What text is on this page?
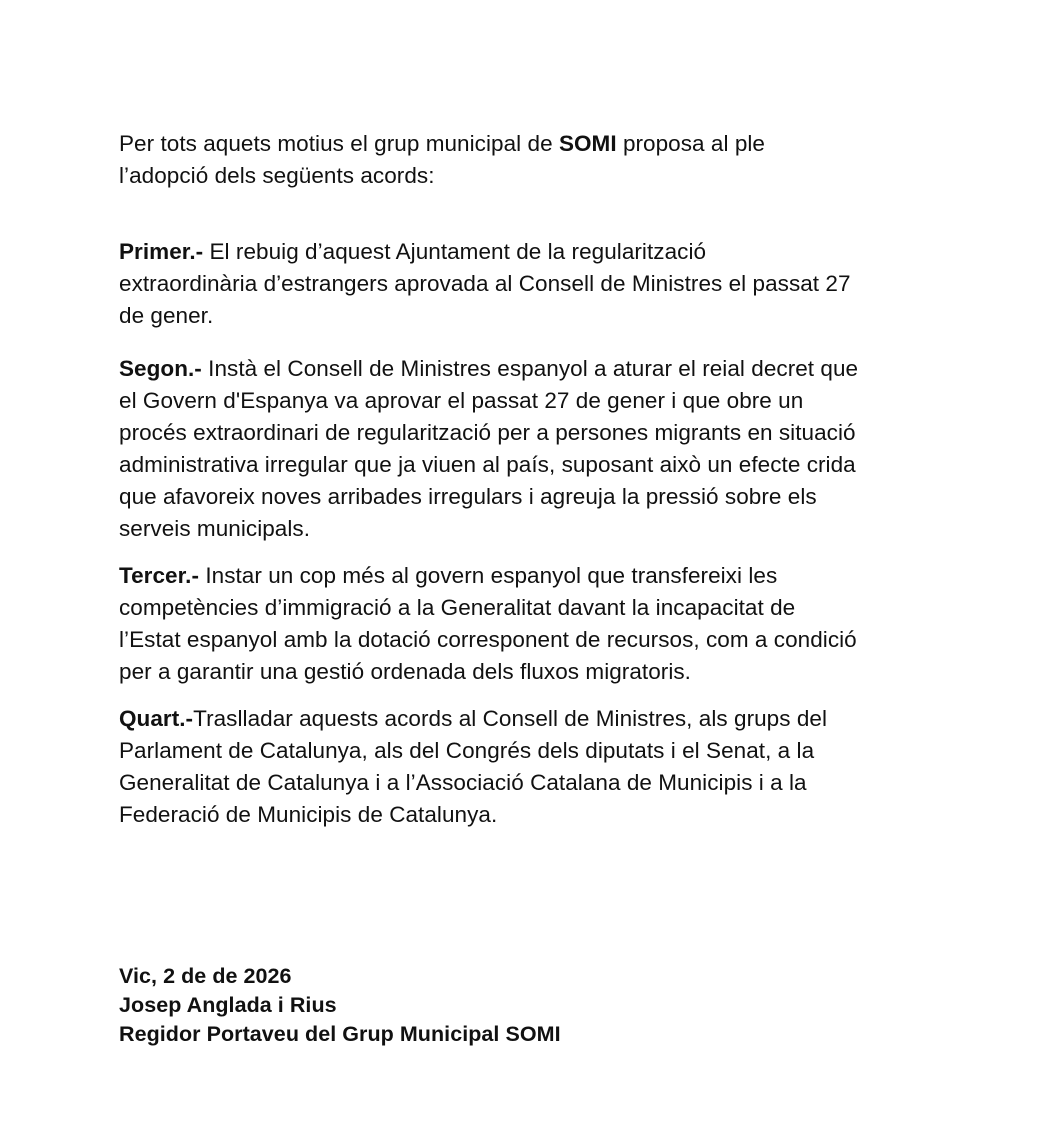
Per tots aquets motius el grup municipal de SOMI proposa al ple
l’adopció dels següents acords:
Primer.- El rebuig d’aquest Ajuntament de la regularització
extraordinària d’estrangers aprovada al Consell de Ministres el passat 27
de gener.
Segon.- Instà el Consell de Ministres espanyol a aturar el reial decret que
el Govern d'Espanya va aprovar el passat 27 de gener i que obre un
procés extraordinari de regularització per a persones migrants en situació
administrativa irregular que ja viuen al país, suposant això un efecte crida
que afavoreix noves arribades irregulars i agreuja la pressió sobre els
serveis municipals.
Tercer.- Instar un cop més al govern espanyol que transfereixi les
competències d’immigració a la Generalitat davant la incapacitat de
l’Estat espanyol amb la dotació corresponent de recursos, com a condició
per a garantir una gestió ordenada dels fluxos migratoris.
Quart.-Traslladar aquests acords al Consell de Ministres, als grups del
Parlament de Catalunya, als del Congrés dels diputats i el Senat, a la
Generalitat de Catalunya i a l’Associació Catalana de Municipis i a la
Federació de Municipis de Catalunya.
Vic, 2 de de 2026
Josep Anglada i Rius
Regidor Portaveu del Grup Municipal SOMI
